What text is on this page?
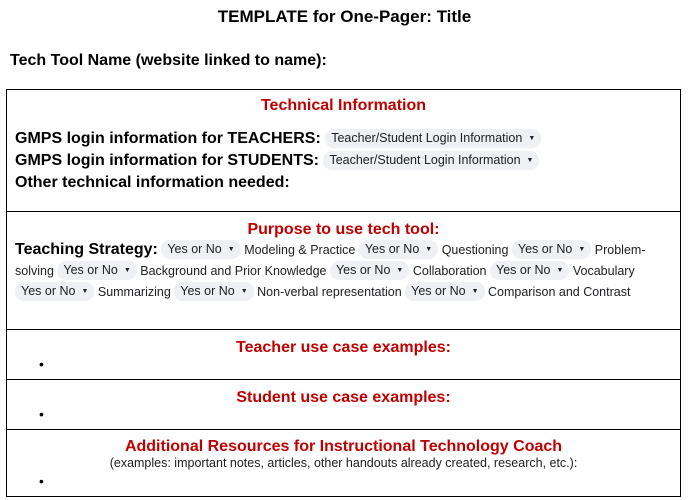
TEMPLATE for One-Pager: Title
Tech Tool Name (website linked to name):
Technical Information
GMPS login information for TEACHERS: Teacher/Student Login Information ▼
GMPS login information for STUDENTS: Teacher/Student Login Information ▼
Other technical information needed:
Purpose to use tech tool:
Teaching Strategy: Yes or No ▼ Modeling & Practice Yes or No ▼ Questioning Yes or No ▼ Problem-solving Yes or No ▼ Background and Prior Knowledge Yes or No ▼ Collaboration Yes or No ▼ Vocabulary Yes or No ▼ Summarizing Yes or No ▼ Non-verbal representation Yes or No ▼ Comparison and Contrast
Teacher use case examples:
•
Student use case examples:
•
Additional Resources for Instructional Technology Coach
(examples: important notes, articles, other handouts already created, research, etc.):
•
